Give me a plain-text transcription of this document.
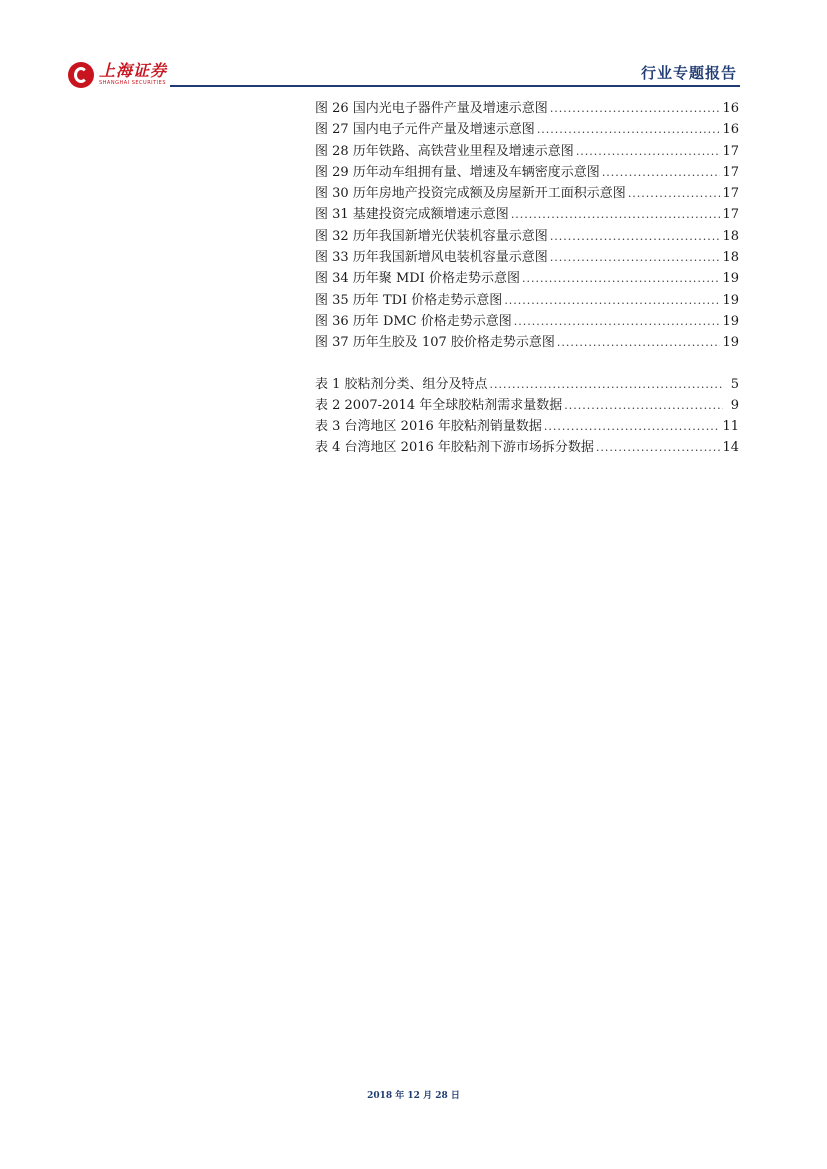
上海证券
SHANGHAI SECURITIES
行业专题报告
图 26 国内光电子器件产量及增速示意图 .....	16
图 27 国内电子元件产量及增速示意图 .....	16
图 28 历年铁路、高铁营业里程及增速示意图 .....	17
图 29 历年动车组拥有量、增速及车辆密度示意图 .....	17
图 30 历年房地产投资完成额及房屋新开工面积示意图 .....	17
图 31 基建投资完成额增速示意图 .....	17
图 32 历年我国新增光伏装机容量示意图 .....	18
图 33 历年我国新增风电装机容量示意图 .....	18
图 34 历年聚 MDI 价格走势示意图 .....	19
图 35 历年 TDI 价格走势示意图 .....	19
图 36 历年 DMC 价格走势示意图 .....	19
图 37 历年生胶及 107 胶价格走势示意图 .....	19
表 1 胶粘剂分类、组分及特点 .....	5
表 2 2007-2014 年全球胶粘剂需求量数据 .....	9
表 3 台湾地区 2016 年胶粘剂销量数据 .....	11
表 4 台湾地区 2016 年胶粘剂下游市场拆分数据 .....	14
2018 年 12 月 28 日
